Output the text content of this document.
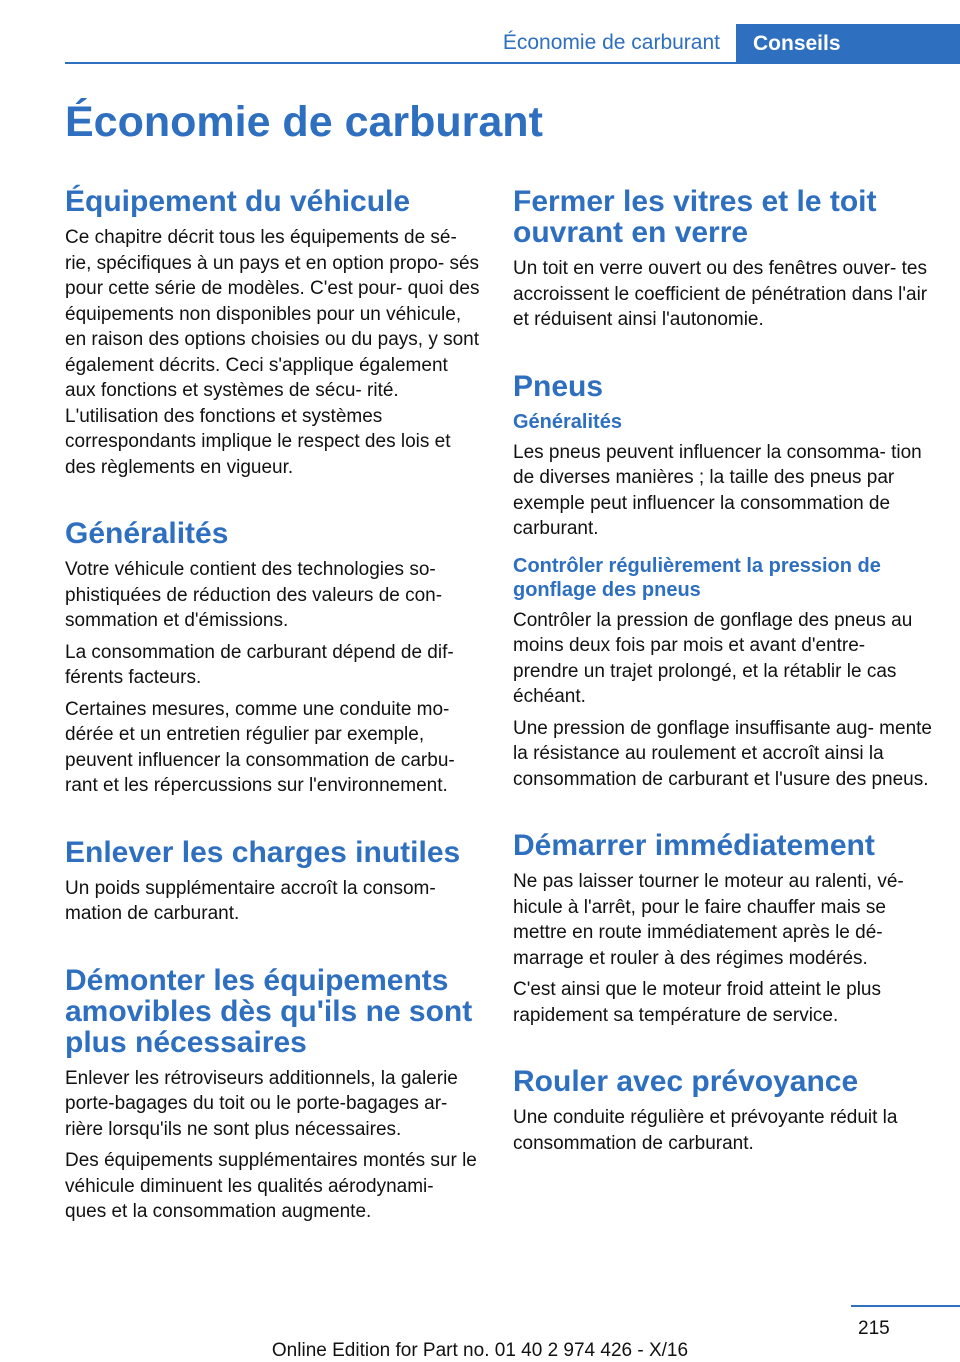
Économie de carburant	Conseils
Économie de carburant
Équipement du véhicule

Ce chapitre décrit tous les équipements de sé‐ rie, spécifiques à un pays et en option propo‐ sés pour cette série de modèles. C'est pour‐ quoi des équipements non disponibles pour un véhicule, en raison des options choisies ou du pays, y sont également décrits. Ceci s'applique également aux fonctions et systèmes de sécu‐ rité. L'utilisation des fonctions et systèmes correspondants implique le respect des lois et des règlements en vigueur.

Généralités

Votre véhicule contient des technologies so‐ phistiquées de réduction des valeurs de con‐ sommation et d'émissions.

La consommation de carburant dépend de dif‐ férents facteurs.

Certaines mesures, comme une conduite mo‐ dérée et un entretien régulier par exemple, peuvent influencer la consommation de carbu‐ rant et les répercussions sur l'environnement.

Enlever les charges inutiles

Un poids supplémentaire accroît la consom‐ mation de carburant.

Démonter les équipements amovibles dès qu'ils ne sont plus nécessaires

Enlever les rétroviseurs additionnels, la galerie porte-bagages du toit ou le porte-bagages ar‐ rière lorsqu'ils ne sont plus nécessaires.

Des équipements supplémentaires montés sur le véhicule diminuent les qualités aérodynami‐ ques et la consommation augmente.

Fermer les vitres et le toit ouvrant en verre

Un toit en verre ouvert ou des fenêtres ouver‐ tes accroissent le coefficient de pénétration dans l'air et réduisent ainsi l'autonomie.

Pneus
Généralités

Les pneus peuvent influencer la consomma‐ tion de diverses manières ; la taille des pneus par exemple peut influencer la consommation de carburant.

Contrôler régulièrement la pression de gonflage des pneus

Contrôler la pression de gonflage des pneus au moins deux fois par mois et avant d'entre‐ prendre un trajet prolongé, et la rétablir le cas échéant.

Une pression de gonflage insuffisante aug‐ mente la résistance au roulement et accroît ainsi la consommation de carburant et l'usure des pneus.

Démarrer immédiatement

Ne pas laisser tourner le moteur au ralenti, vé‐ hicule à l'arrêt, pour le faire chauffer mais se mettre en route immédiatement après le dé‐ marrage et rouler à des régimes modérés.

C'est ainsi que le moteur froid atteint le plus rapidement sa température de service.

Rouler avec prévoyance

Une conduite régulière et prévoyante réduit la consommation de carburant.

215
Online Edition for Part no. 01 40 2 974 426 - X/16
